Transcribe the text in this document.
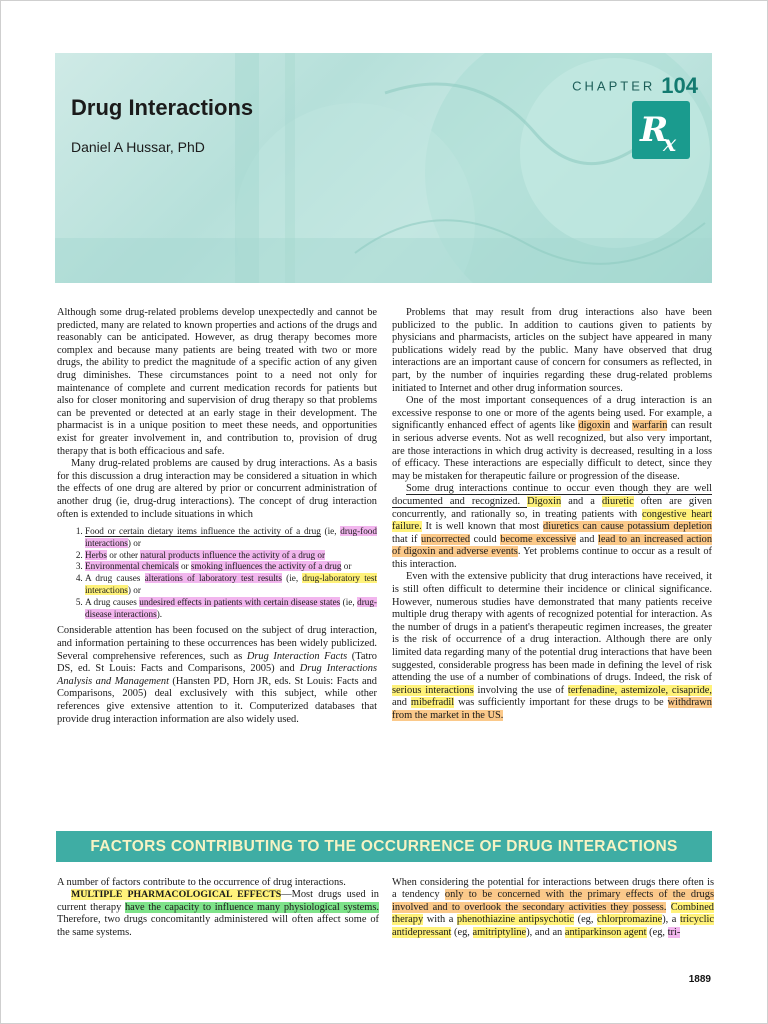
Drug Interactions

Daniel A Hussar, PhD

CHAPTER 104
R
x

Although some drug-related problems develop unexpectedly and cannot be predicted, many are related to known properties and actions of the drugs and reasonably can be anticipated. However, as drug therapy becomes more complex and because many patients are being treated with two or more drugs, the ability to predict the magnitude of a specific action of any given drug diminishes. These circumstances point to a need not only for maintenance of complete and current medication records for patients but also for closer monitoring and supervision of drug therapy so that problems can be prevented or detected at an early stage in their development. The pharmacist is in a unique position to meet these needs, and opportunities exist for greater involvement in, and contribution to, provision of drug therapy that is both efficacious and safe.

Many drug-related problems are caused by drug interactions. As a basis for this discussion a drug interaction may be considered a situation in which the effects of one drug are altered by prior or concurrent administration of another drug (ie, drug-drug interactions). The concept of drug interaction often is extended to include situations in which

1. Food or certain dietary items influence the activity of a drug (ie, drug-food interactions) or
2. Herbs or other natural products influence the activity of a drug or
3. Environmental chemicals or smoking influences the activity of a drug or
4. A drug causes alterations of laboratory test results (ie, drug-laboratory test interactions) or
5. A drug causes undesired effects in patients with certain disease states (ie, drug-disease interactions).

Considerable attention has been focused on the subject of drug interaction, and information pertaining to these occurrences has been widely publicized. Several comprehensive references, such as Drug Interaction Facts (Tatro DS, ed. St Louis: Facts and Comparisons, 2005) and Drug Interactions Analysis and Management (Hansten PD, Horn JR, eds. St Louis: Facts and Comparisons, 2005) deal exclusively with this subject, while other references give extensive attention to it. Computerized databases that provide drug interaction information are also widely used.

Problems that may result from drug interactions also have been publicized to the public. In addition to cautions given to patients by physicians and pharmacists, articles on the subject have appeared in many publications widely read by the public. Many have observed that drug interactions are an important cause of concern for consumers as reflected, in part, by the number of inquiries regarding these drug-related problems initiated to Internet and other drug information sources.

One of the most important consequences of a drug interaction is an excessive response to one or more of the agents being used. For example, a significantly enhanced effect of agents like digoxin and warfarin can result in serious adverse events. Not as well recognized, but also very important, are those interactions in which drug activity is decreased, resulting in a loss of efficacy. These interactions are especially difficult to detect, since they may be mistaken for therapeutic failure or progression of the disease.

Some drug interactions continue to occur even though they are well documented and recognized. Digoxin and a diuretic often are given concurrently, and rationally so, in treating patients with congestive heart failure. It is well known that most diuretics can cause potassium depletion that if uncorrected could become excessive and lead to an increased action of digoxin and adverse events. Yet problems continue to occur as a result of this interaction.

Even with the extensive publicity that drug interactions have received, it is still often difficult to determine their incidence or clinical significance. However, numerous studies have demonstrated that many patients receive multiple drug therapy with agents of recognized potential for interaction. As the number of drugs in a patient's therapeutic regimen increases, the greater is the risk of occurrence of a drug interaction. Although there are only limited data regarding many of the potential drug interactions that have been suggested, considerable progress has been made in defining the level of risk attending the use of a number of combinations of drugs. Indeed, the risk of serious interactions involving the use of terfenadine, astemizole, cisapride, and mibefradil was sufficiently important for these drugs to be withdrawn from the market in the US.

FACTORS CONTRIBUTING TO THE OCCURRENCE OF DRUG INTERACTIONS

A number of factors contribute to the occurrence of drug interactions.

MULTIPLE PHARMACOLOGICAL EFFECTS—Most drugs used in current therapy have the capacity to influence many physiological systems. Therefore, two drugs concomitantly administered will often affect some of the same systems.

When considering the potential for interactions between drugs there often is a tendency only to be concerned with the primary effects of the drugs involved and to overlook the secondary activities they possess. Combined therapy with a phenothiazine antipsychotic (eg, chlorpromazine), a tricyclic antidepressant (eg, amitriptyline), and an antiparkinson agent (eg, tri-

1889
